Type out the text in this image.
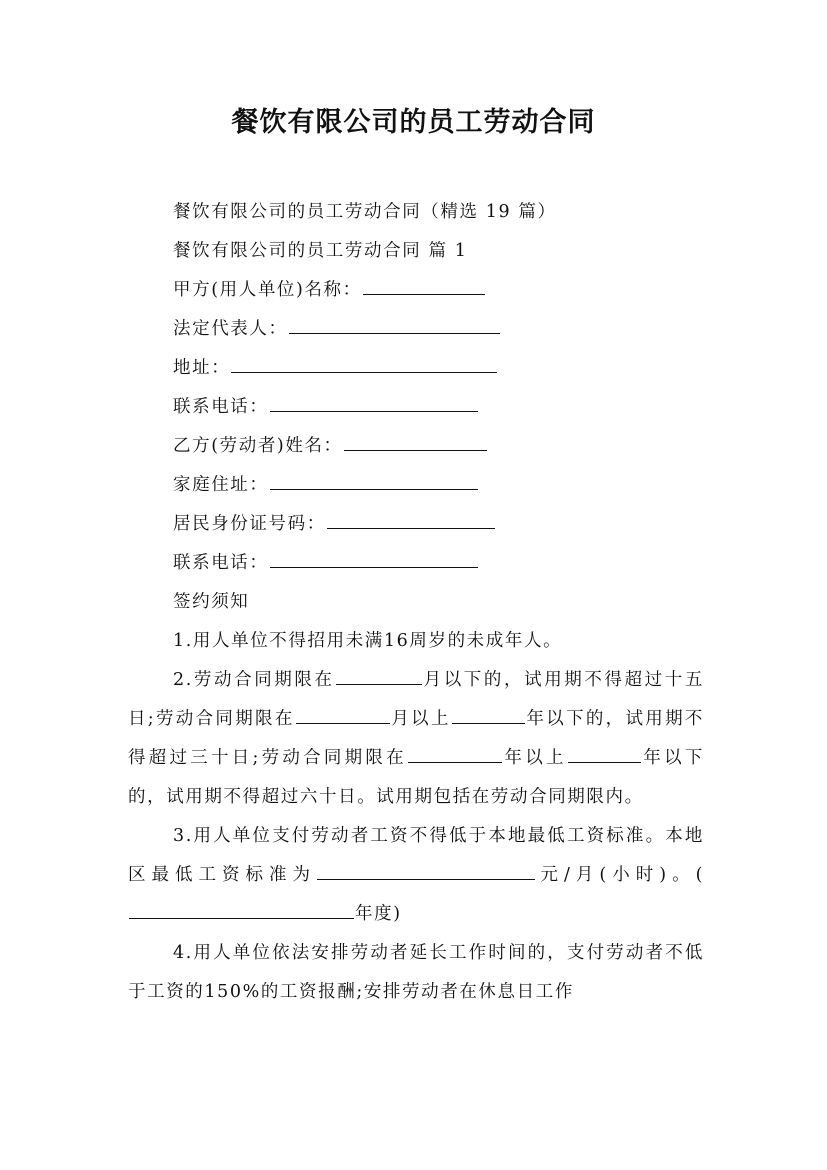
餐饮有限公司的员工劳动合同

餐饮有限公司的员工劳动合同（精选 19 篇）

餐饮有限公司的员工劳动合同 篇 1

甲方(用人单位)名称：

法定代表人：

地址：

联系电话：

乙方(劳动者)姓名：

家庭住址：

居民身份证号码：

联系电话：

签约须知

1.用人单位不得招用未满16周岁的未成年人。

2.劳动合同期限在	月以下的，试用期不得超过十五日;劳动合同期限在	月以上	年以下的，试用期不得超过三十日;劳动合同期限在	年以上	年以下的，试用期不得超过六十日。试用期包括在劳动合同期限内。

3.用人单位支付劳动者工资不得低于本地最低工资标准。本地区最低工资标准为	元/月(小时)。(年度)

4.用人单位依法安排劳动者延长工作时间的，支付劳动者不低于工资的150%的工资报酬;安排劳动者在休息日工作
